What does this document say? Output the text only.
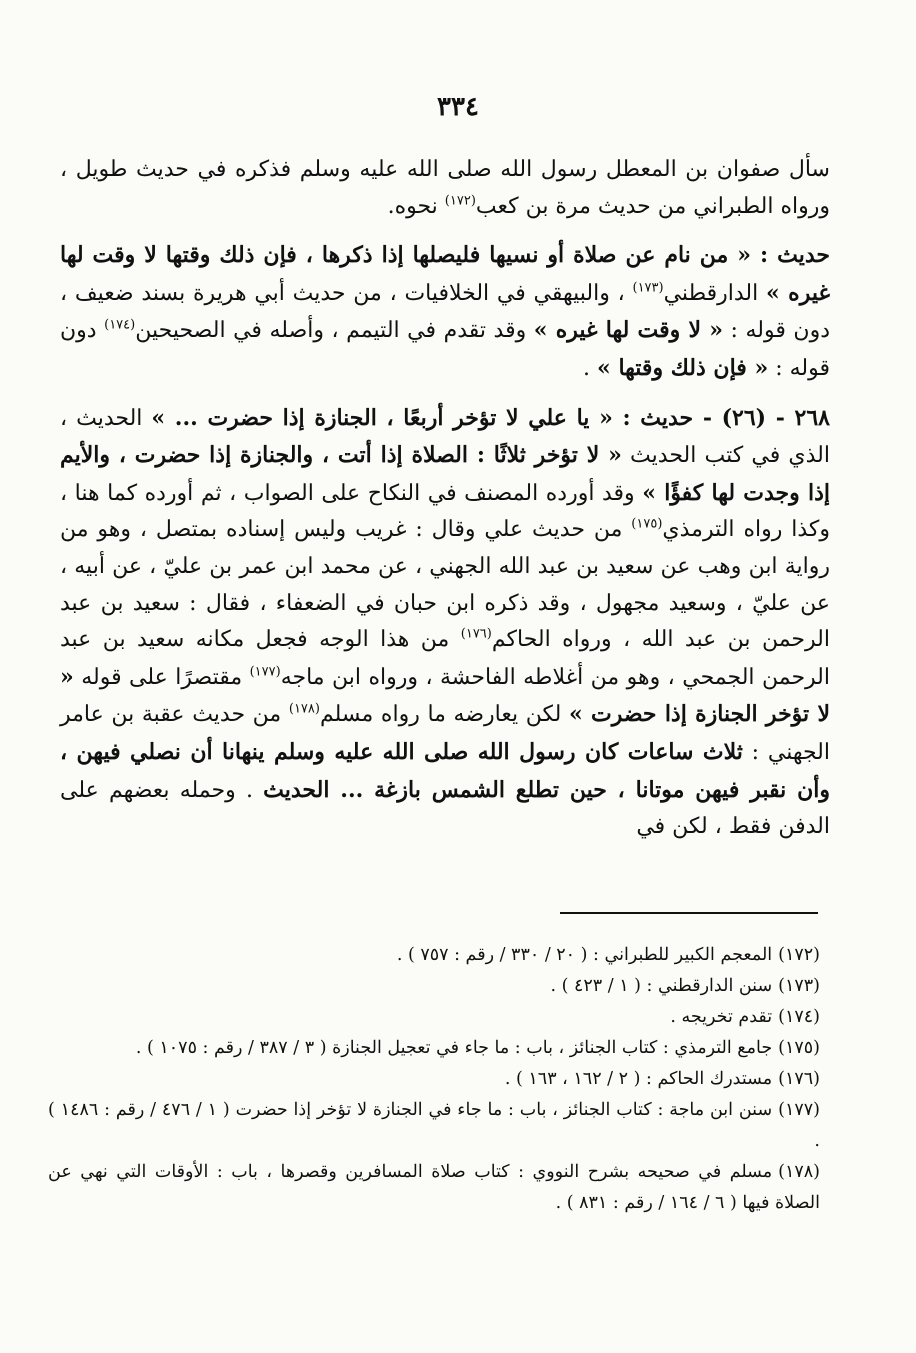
٣٣٤

سأل صفوان بن المعطل رسول الله صلى الله عليه وسلم فذكره في حديث طويل ، ورواه الطبراني من حديث مرة بن كعب$^{(١٧٢)}$ نحوه.

حديث : « من نام عن صلاة أو نسيها فليصلها إذا ذكرها ، فإن ذلك وقتها لا وقت لها غيره » الدارقطني$^{(١٧٣)}$ ، والبيهقي في الخلافيات ، من حديث أبي هريرة بسند ضعيف ، دون قوله : « لا وقت لها غيره » وقد تقدم في التيمم ، وأصله في الصحيحين$^{(١٧٤)}$ دون قوله : « فإن ذلك وقتها » .

٢٦٨ - (٢٦) - حديث : « يا علي لا تؤخر أربعًا ، الجنازة إذا حضرت ... » الحديث ، الذي في كتب الحديث « لا تؤخر ثلاثًا : الصلاة إذا أتت ، والجنازة إذا حضرت ، والأيم إذا وجدت لها كفؤًا » وقد أورده المصنف في النكاح على الصواب ، ثم أورده كما هنا ، وكذا رواه الترمذي$^{(١٧٥)}$ من حديث علي وقال : غريب وليس إسناده بمتصل ، وهو من رواية ابن وهب عن سعيد بن عبد الله الجهني ، عن محمد ابن عمر بن عليّ ، عن أبيه ، عن عليّ ، وسعيد مجهول ، وقد ذكره ابن حبان في الضعفاء ، فقال : سعيد بن عبد الرحمن بن عبد الله ، ورواه الحاكم$^{(١٧٦)}$ من هذا الوجه فجعل مكانه سعيد بن عبد الرحمن الجمحي ، وهو من أغلاطه الفاحشة ، ورواه ابن ماجه$^{(١٧٧)}$ مقتصرًا على قوله « لا تؤخر الجنازة إذا حضرت » لكن يعارضه ما رواه مسلم$^{(١٧٨)}$ من حديث عقبة بن عامر الجهني : ثلاث ساعات كان رسول الله صلى الله عليه وسلم ينهانا أن نصلي فيهن ، وأن نقبر فيهن موتانا ، حين تطلع الشمس بازغة ... الحديث . وحمله بعضهم على الدفن فقط ، لكن في

(١٧٢)المعجم الكبير للطبراني : ( ٢٠ / ٣٣٠ / رقم : ٧٥٧ ) .
(١٧٣)سنن الدارقطني : ( ١ / ٤٢٣ ) .
(١٧٤)تقدم تخريجه .
(١٧٥)جامع الترمذي : كتاب الجنائز ، باب : ما جاء في تعجيل الجنازة ( ٣ / ٣٨٧ / رقم : ١٠٧٥ ) .
(١٧٦)مستدرك الحاكم : ( ٢ / ١٦٢ ، ١٦٣ ) .
(١٧٧)سنن ابن ماجة : كتاب الجنائز ، باب : ما جاء في الجنازة لا تؤخر إذا حضرت ( ١ / ٤٧٦ / رقم : ١٤٨٦ ) .
(١٧٨)مسلم في صحيحه بشرح النووي : كتاب صلاة المسافرين وقصرها ، باب : الأوقات التي نهي عن الصلاة فيها ( ٦ / ١٦٤ / رقم : ٨٣١ ) .
